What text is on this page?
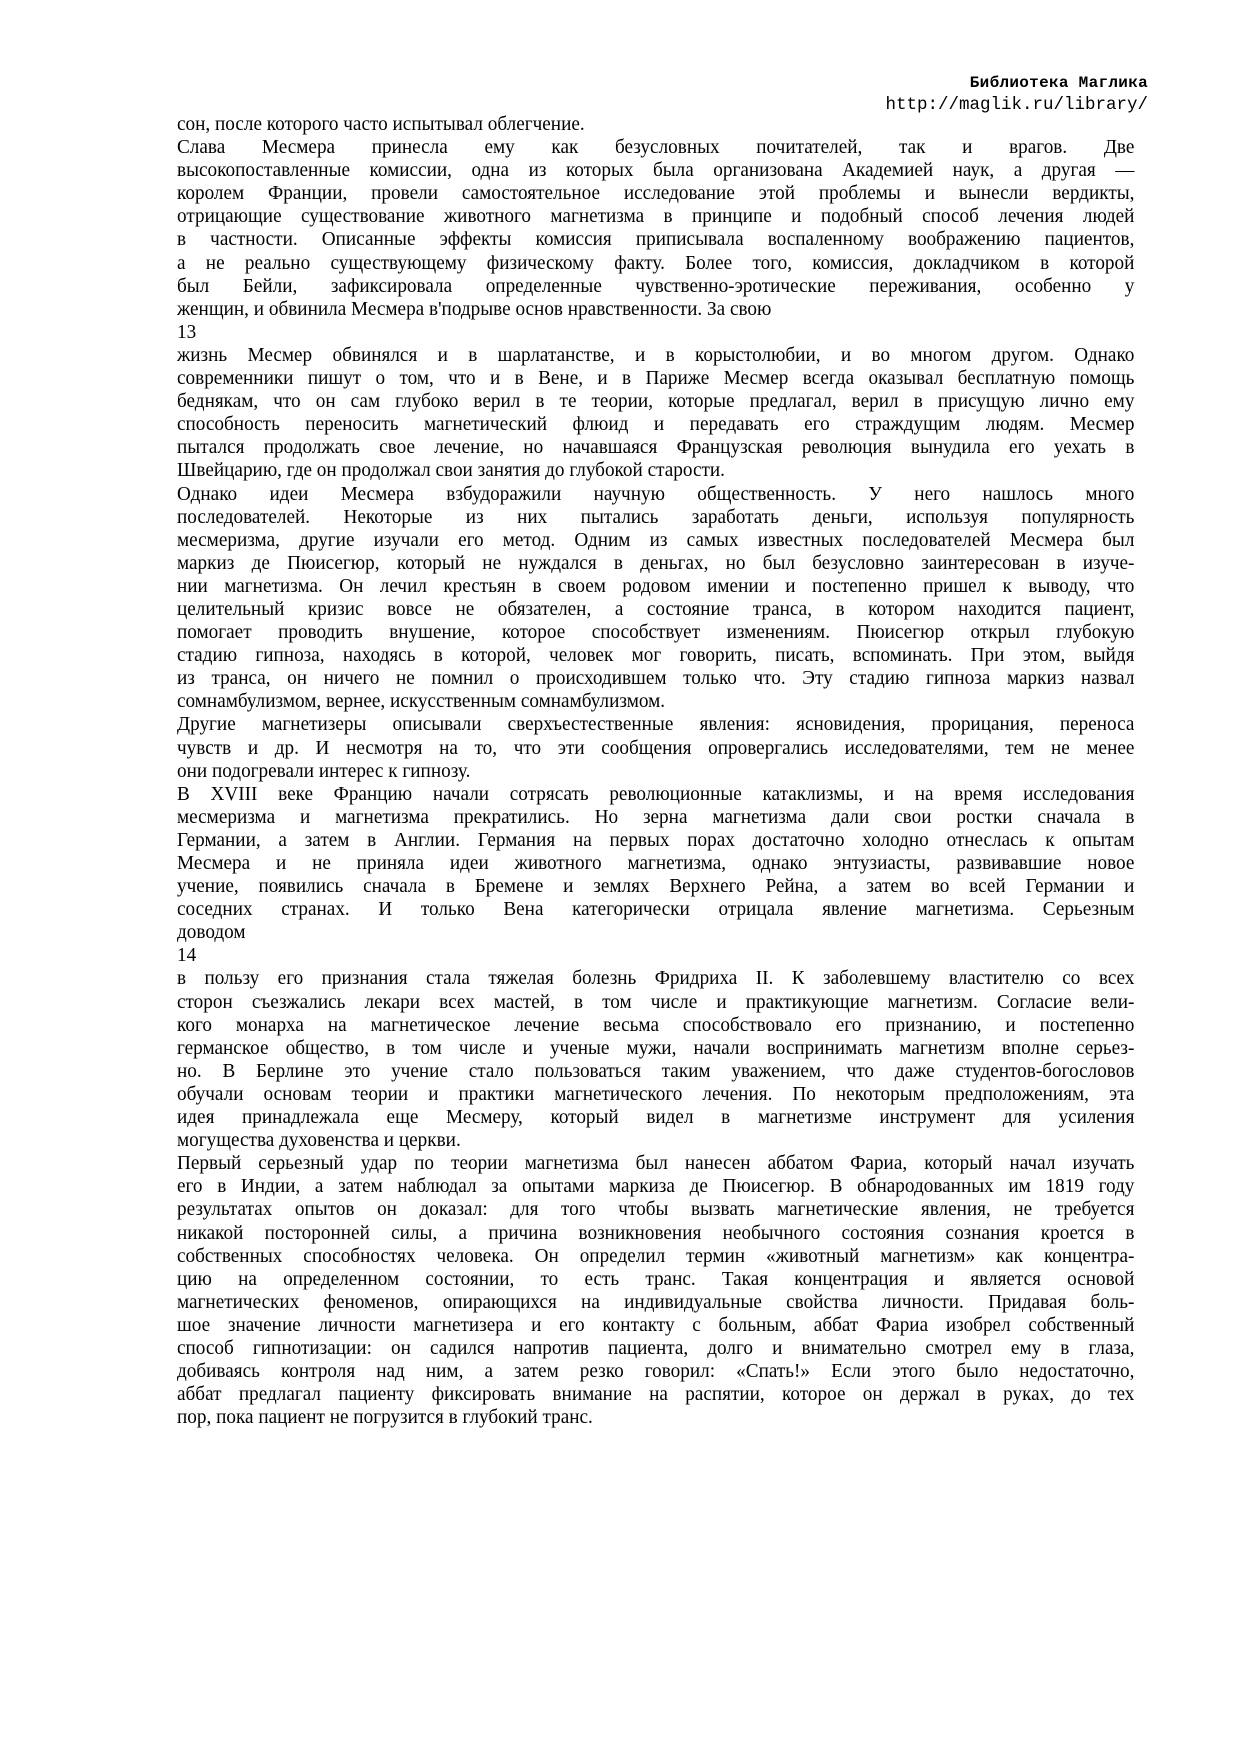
Библиотека Маглика
http://maglik.ru/library/
сон, после которого часто испытывал облегчение.
Слава Месмера принесла ему как безусловных почитателей, так и врагов. Две
высокопоставленные комиссии, одна из которых была организована Академией наук, а другая —
королем Франции, провели самостоятельное исследование этой проблемы и вынесли вердикты,
отрицающие существование животного магнетизма в принципе и подобный способ лечения людей
в частности. Описанные эффекты комиссия приписывала воспаленному воображению пациентов,
а не реально существующему физическому факту. Более того, комиссия, докладчиком в которой
был Бейли, зафиксировала определенные чувственно-эротические переживания, особенно у
женщин, и обвинила Месмера в'подрыве основ нравственности. За свою
13
жизнь Месмер обвинялся и в шарлатанстве, и в корыстолюбии, и во многом другом. Однако
современники пишут о том, что и в Вене, и в Париже Месмер всегда оказывал бесплатную помощь
беднякам, что он сам глубоко верил в те теории, которые предлагал, верил в присущую лично ему
способность переносить магнетический флюид и передавать его страждущим людям. Месмер
пытался продолжать свое лечение, но начавшаяся Французская революция вынудила его уехать в
Швейцарию, где он продолжал свои занятия до глубокой старости.
Однако идеи Месмера взбудоражили научную общественность. У него нашлось много
последователей. Некоторые из них пытались заработать деньги, используя популярность
месмеризма, другие изучали его метод. Одним из самых известных последователей Месмера был
маркиз де Пюисегюр, который не нуждался в деньгах, но был безусловно заинтересован в изуче-
нии магнетизма. Он лечил крестьян в своем родовом имении и постепенно пришел к выводу, что
целительный кризис вовсе не обязателен, а состояние транса, в котором находится пациент,
помогает проводить внушение, которое способствует изменениям. Пюисегюр открыл глубокую
стадию гипноза, находясь в которой, человек мог говорить, писать, вспоминать. При этом, выйдя
из транса, он ничего не помнил о происходившем только что. Эту стадию гипноза маркиз назвал
сомнамбулизмом, вернее, искусственным сомнамбулизмом.
Другие магнетизеры описывали сверхъестественные явления: ясновидения, прорицания, переноса
чувств и др. И несмотря на то, что эти сообщения опровергались исследователями, тем не менее
они подогревали интерес к гипнозу.
В XVIII веке Францию начали сотрясать революционные катаклизмы, и на время исследования
месмеризма и магнетизма прекратились. Но зерна магнетизма дали свои ростки сначала в
Германии, а затем в Англии. Германия на первых порах достаточно холодно отнеслась к опытам
Месмера и не приняла идеи животного магнетизма, однако энтузиасты, развивавшие новое
учение, появились сначала в Бремене и землях Верхнего Рейна, а затем во всей Германии и
соседних странах. И только Вена категорически отрицала явление магнетизма. Серьезным
доводом
14
в пользу его признания стала тяжелая болезнь Фридриха II. К заболевшему властителю со всех
сторон съезжались лекари всех мастей, в том числе и практикующие магнетизм. Согласие вели-
кого монарха на магнетическое лечение весьма способствовало его признанию, и постепенно
германское общество, в том числе и ученые мужи, начали воспринимать магнетизм вполне серьез-
но. В Берлине это учение стало пользоваться таким уважением, что даже студентов-богословов
обучали основам теории и практики магнетического лечения. По некоторым предположениям, эта
идея принадлежала еще Месмеру, который видел в магнетизме инструмент для усиления
могущества духовенства и церкви.
Первый серьезный удар по теории магнетизма был нанесен аббатом Фариа, который начал изучать
его в Индии, а затем наблюдал за опытами маркиза де Пюисегюр. В обнародованных им 1819 году
результатах опытов он доказал: для того чтобы вызвать магнетические явления, не требуется
никакой посторонней силы, а причина возникновения необычного состояния сознания кроется в
собственных способностях человека. Он определил термин «животный магнетизм» как концентра-
цию на определенном состоянии, то есть транс. Такая концентрация и является основой
магнетических феноменов, опирающихся на индивидуальные свойства личности. Придавая боль-
шое значение личности магнетизера и его контакту с больным, аббат Фариа изобрел собственный
способ гипнотизации: он садился напротив пациента, долго и внимательно смотрел ему в глаза,
добиваясь контроля над ним, а затем резко говорил: «Спать!» Если этого было недостаточно,
аббат предлагал пациенту фиксировать внимание на распятии, которое он держал в руках, до тех
пор, пока пациент не погрузится в глубокий транс.
